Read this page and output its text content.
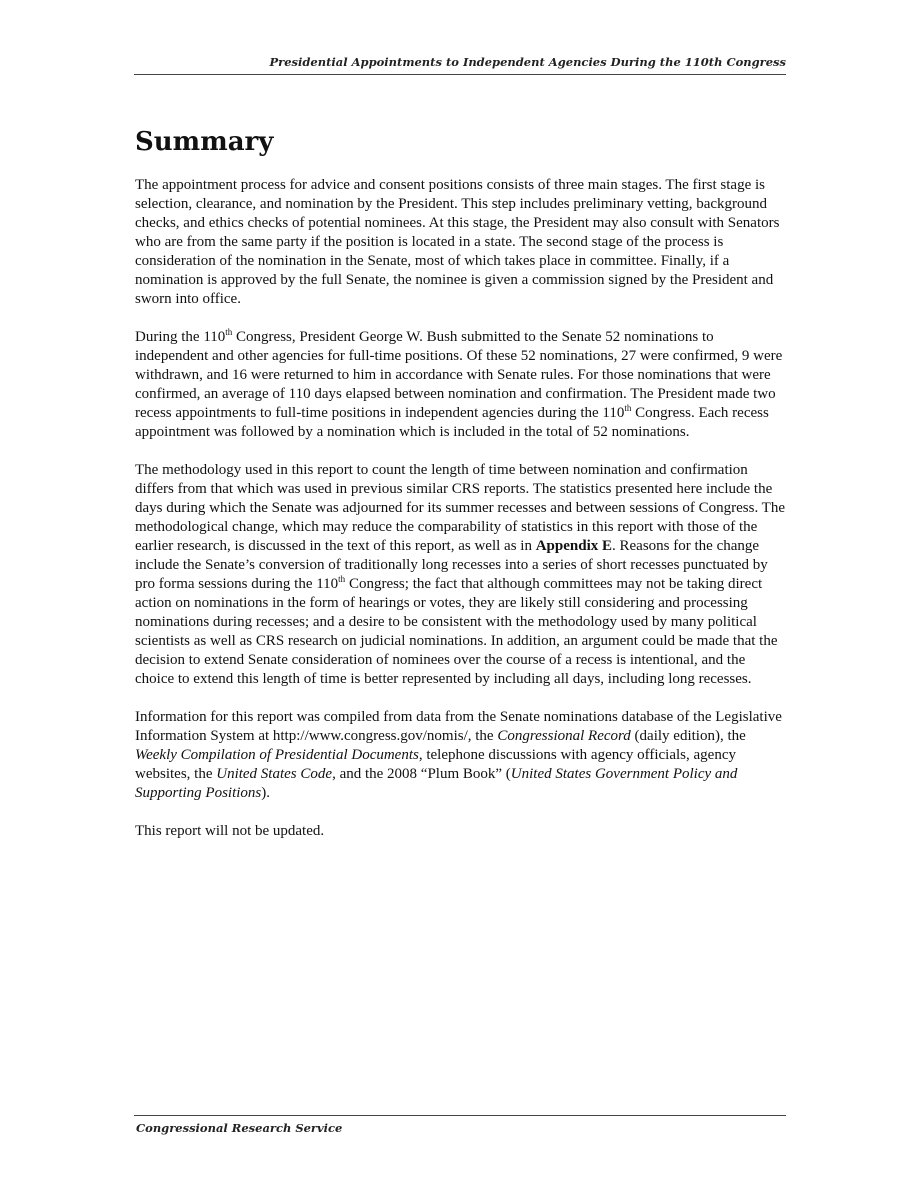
Presidential Appointments to Independent Agencies During the 110th Congress
Summary

The appointment process for advice and consent positions consists of three main stages. The first stage is selection, clearance, and nomination by the President. This step includes preliminary vetting, background checks, and ethics checks of potential nominees. At this stage, the President may also consult with Senators who are from the same party if the position is located in a state. The second stage of the process is consideration of the nomination in the Senate, most of which takes place in committee. Finally, if a nomination is approved by the full Senate, the nominee is given a commission signed by the President and sworn into office.

During the 110th Congress, President George W. Bush submitted to the Senate 52 nominations to independent and other agencies for full-time positions. Of these 52 nominations, 27 were confirmed, 9 were withdrawn, and 16 were returned to him in accordance with Senate rules. For those nominations that were confirmed, an average of 110 days elapsed between nomination and confirmation. The President made two recess appointments to full-time positions in independent agencies during the 110th Congress. Each recess appointment was followed by a nomination which is included in the total of 52 nominations.

The methodology used in this report to count the length of time between nomination and confirmation differs from that which was used in previous similar CRS reports. The statistics presented here include the days during which the Senate was adjourned for its summer recesses and between sessions of Congress. The methodological change, which may reduce the comparability of statistics in this report with those of the earlier research, is discussed in the text of this report, as well as in Appendix E. Reasons for the change include the Senate’s conversion of traditionally long recesses into a series of short recesses punctuated by pro forma sessions during the 110th Congress; the fact that although committees may not be taking direct action on nominations in the form of hearings or votes, they are likely still considering and processing nominations during recesses; and a desire to be consistent with the methodology used by many political scientists as well as CRS research on judicial nominations. In addition, an argument could be made that the decision to extend Senate consideration of nominees over the course of a recess is intentional, and the choice to extend this length of time is better represented by including all days, including long recesses.

Information for this report was compiled from data from the Senate nominations database of the Legislative Information System at http://www.congress.gov/nomis/, the Congressional Record (daily edition), the Weekly Compilation of Presidential Documents, telephone discussions with agency officials, agency websites, the United States Code, and the 2008 “Plum Book” (United States Government Policy and Supporting Positions).

This report will not be updated.

Congressional Research Service
